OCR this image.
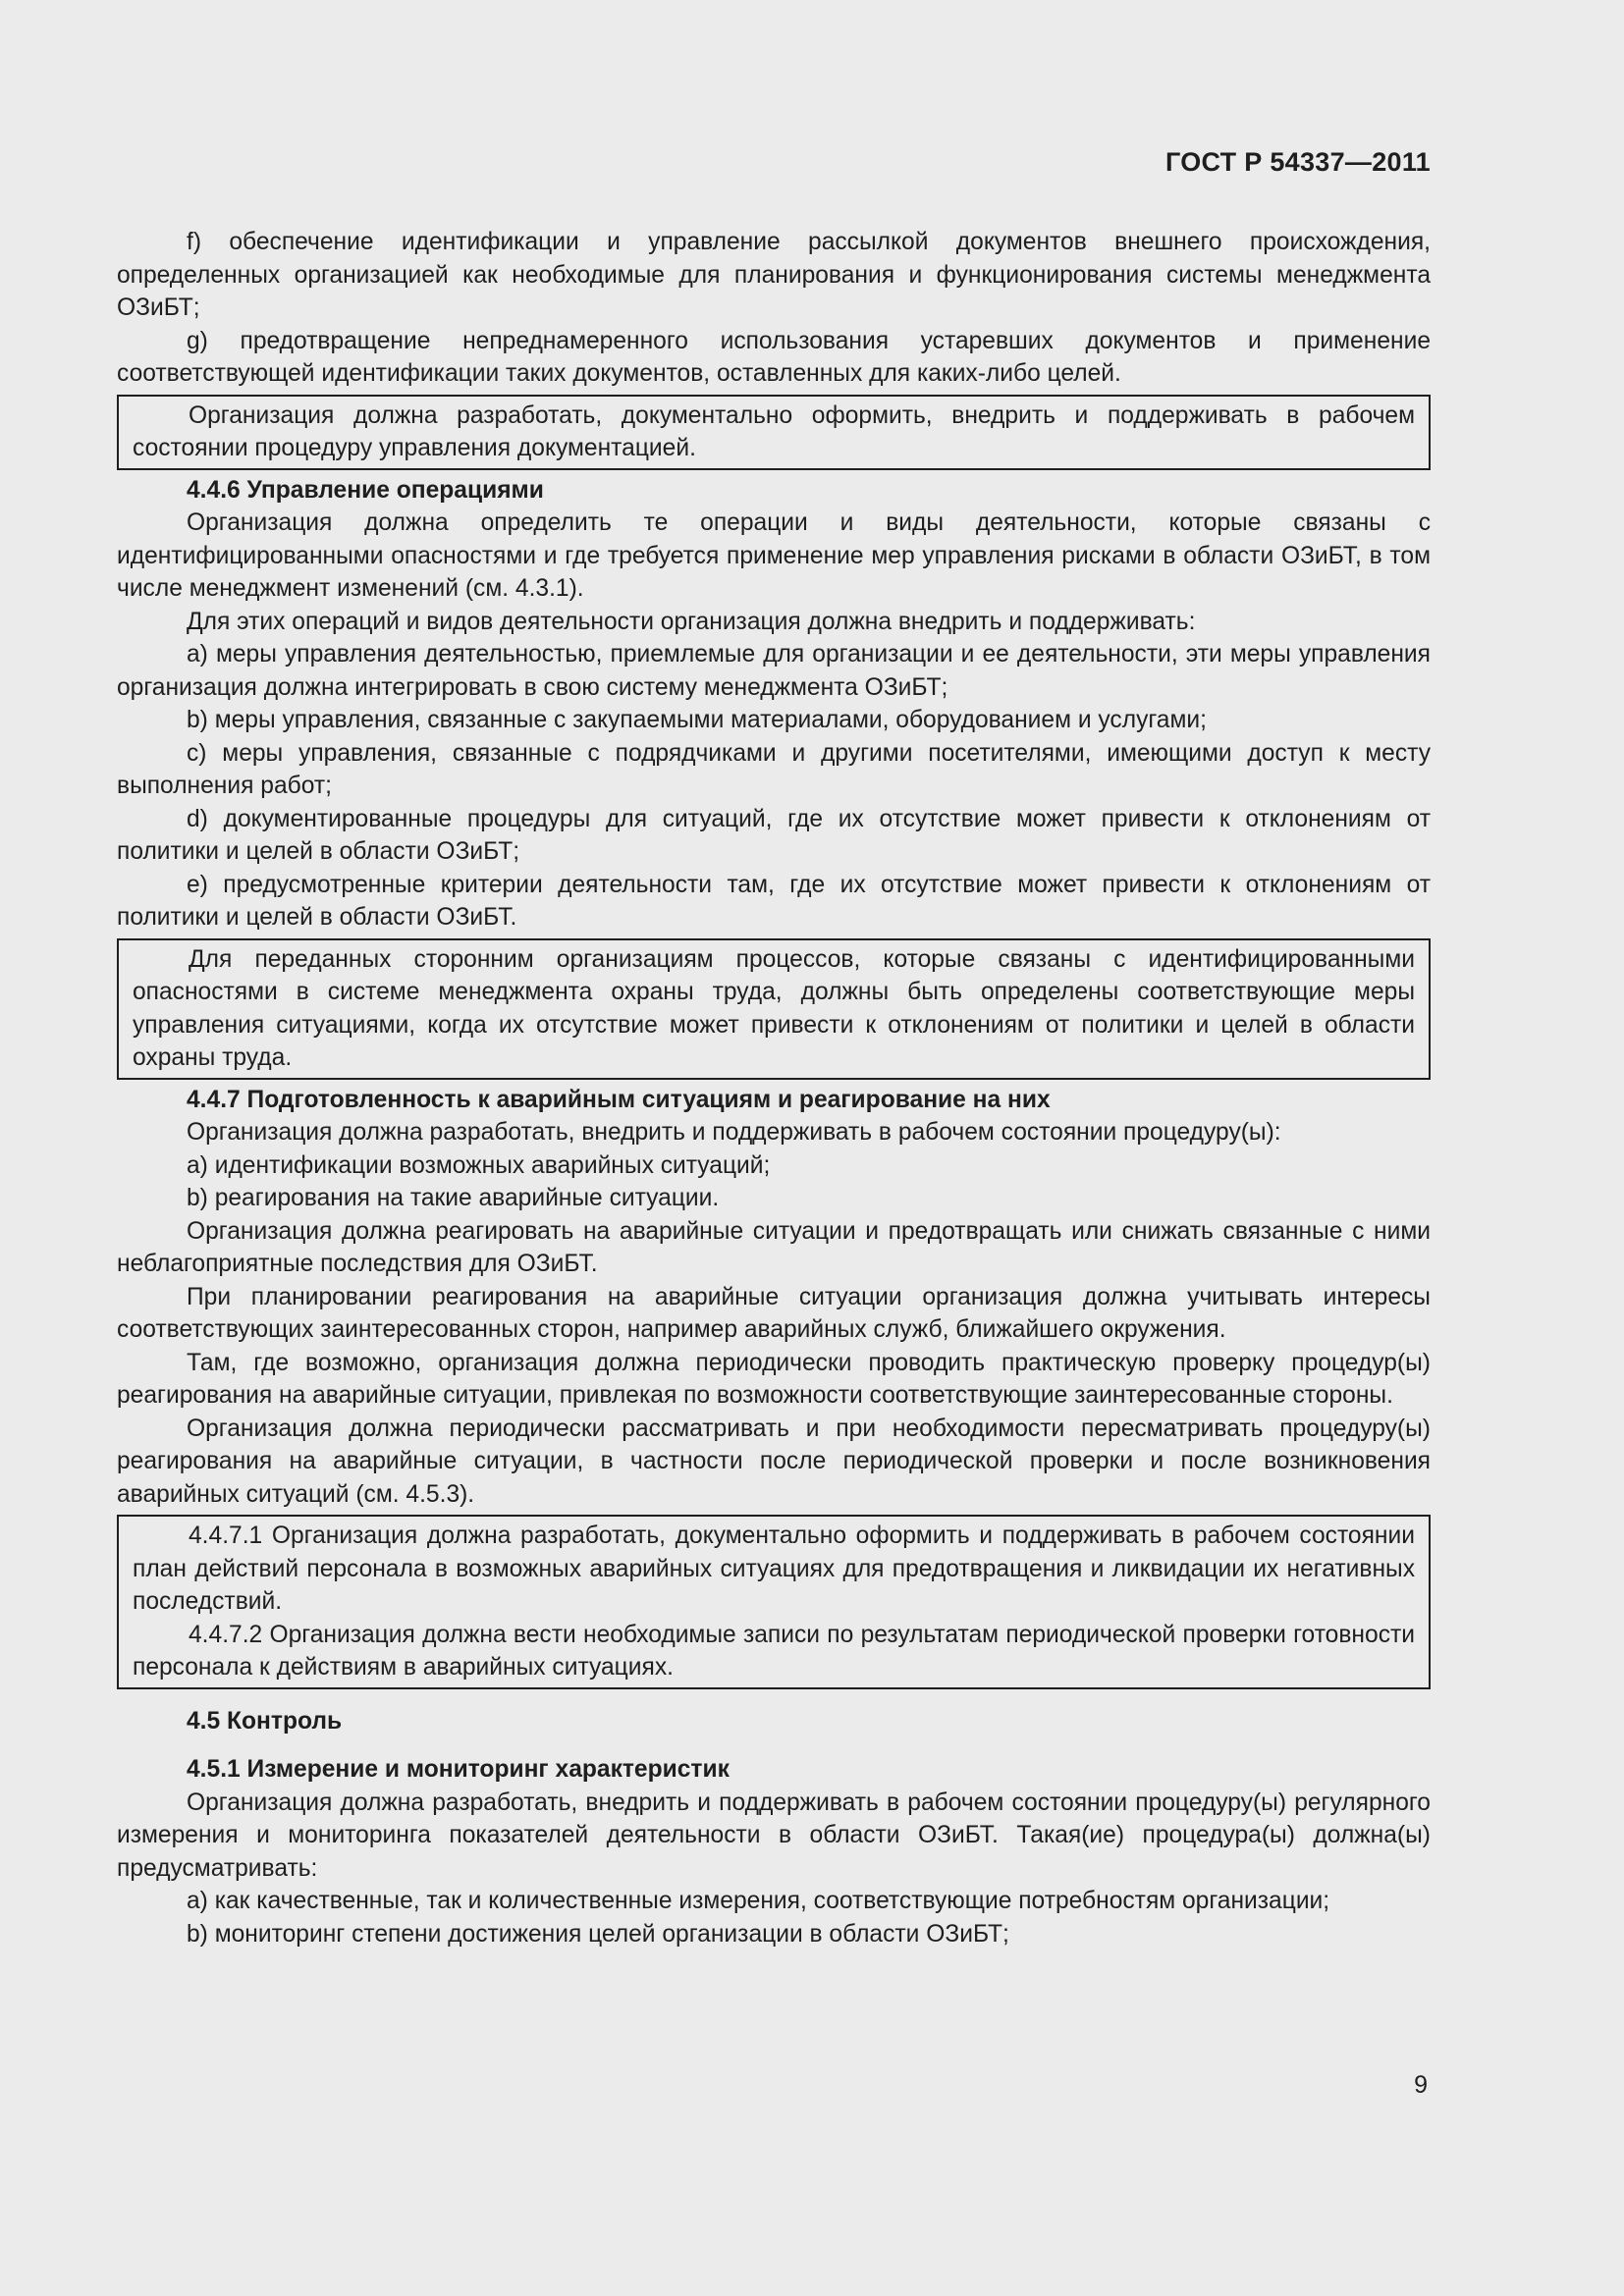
ГОСТ Р 54337—2011

f) обеспечение идентификации и управление рассылкой документов внешнего происхождения, определенных организацией как необходимые для планирования и функционирования системы менеджмента ОЗиБТ;

g) предотвращение непреднамеренного использования устаревших документов и применение соответствующей идентификации таких документов, оставленных для каких-либо целей.

Организация должна разработать, документально оформить, внедрить и поддерживать в рабочем состоянии процедуру управления документацией.

4.4.6 Управление операциями

Организация должна определить те операции и виды деятельности, которые связаны с идентифицированными опасностями и где требуется применение мер управления рисками в области ОЗиБТ, в том числе менеджмент изменений (см. 4.3.1).

Для этих операций и видов деятельности организация должна внедрить и поддерживать:

а) меры управления деятельностью, приемлемые для организации и ее деятельности, эти меры управления организация должна интегрировать в свою систему менеджмента ОЗиБТ;

b) меры управления, связанные с закупаемыми материалами, оборудованием и услугами;

c) меры управления, связанные с подрядчиками и другими посетителями, имеющими доступ к месту выполнения работ;

d) документированные процедуры для ситуаций, где их отсутствие может привести к отклонениям от политики и целей в области ОЗиБТ;

e) предусмотренные критерии деятельности там, где их отсутствие может привести к отклонениям от политики и целей в области ОЗиБТ.

Для переданных сторонним организациям процессов, которые связаны с идентифицированными опасностями в системе менеджмента охраны труда, должны быть определены соответствующие меры управления ситуациями, когда их отсутствие может привести к отклонениям от политики и целей в области охраны труда.

4.4.7 Подготовленность к аварийным ситуациям и реагирование на них

Организация должна разработать, внедрить и поддерживать в рабочем состоянии процедуру(ы):

а) идентификации возможных аварийных ситуаций;

b) реагирования на такие аварийные ситуации.

Организация должна реагировать на аварийные ситуации и предотвращать или снижать связанные с ними неблагоприятные последствия для ОЗиБТ.

При планировании реагирования на аварийные ситуации организация должна учитывать интересы соответствующих заинтересованных сторон, например аварийных служб, ближайшего окружения.

Там, где возможно, организация должна периодически проводить практическую проверку процедур(ы) реагирования на аварийные ситуации, привлекая по возможности соответствующие заинтересованные стороны.

Организация должна периодически рассматривать и при необходимости пересматривать процедуру(ы) реагирования на аварийные ситуации, в частности после периодической проверки и после возникновения аварийных ситуаций (см. 4.5.3).

4.4.7.1 Организация должна разработать, документально оформить и поддерживать в рабочем состоянии план действий персонала в возможных аварийных ситуациях для предотвращения и ликвидации их негативных последствий.

4.4.7.2 Организация должна вести необходимые записи по результатам периодической проверки готовности персонала к действиям в аварийных ситуациях.

4.5 Контроль

4.5.1 Измерение и мониторинг характеристик

Организация должна разработать, внедрить и поддерживать в рабочем состоянии процедуру(ы) регулярного измерения и мониторинга показателей деятельности в области ОЗиБТ. Такая(ие) процедура(ы) должна(ы) предусматривать:

а) как качественные, так и количественные измерения, соответствующие потребностям организации;

b) мониторинг степени достижения целей организации в области ОЗиБТ;

9
